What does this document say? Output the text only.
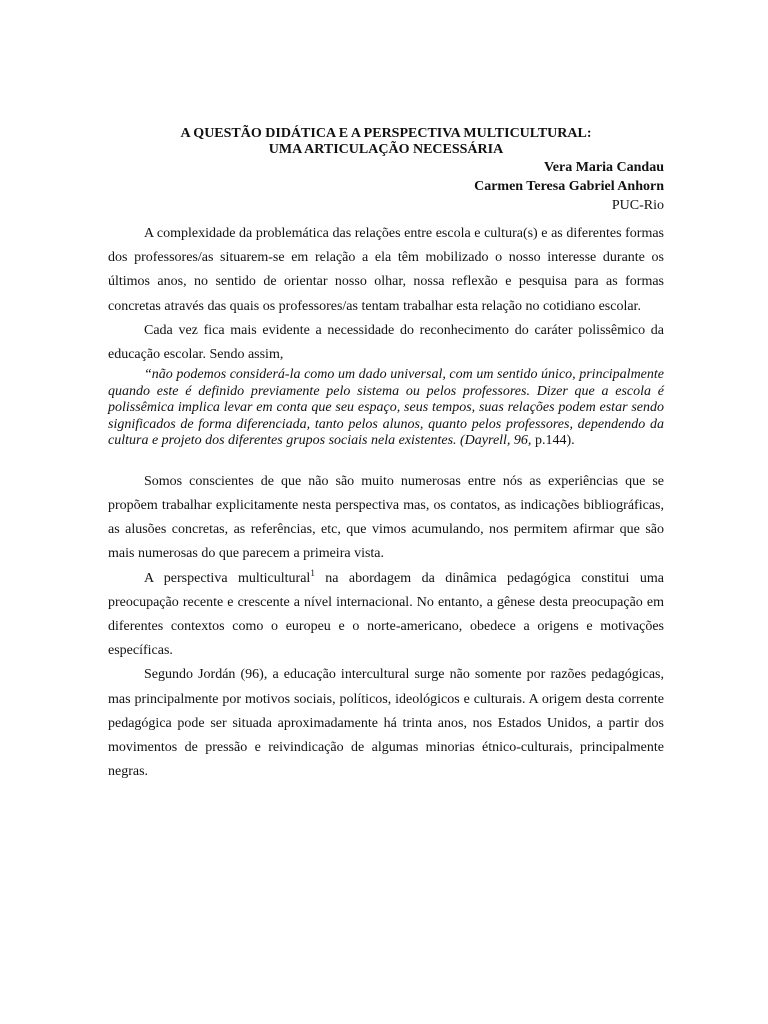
A QUESTÃO DIDÁTICA E A PERSPECTIVA MULTICULTURAL:
UMA ARTICULAÇÃO NECESSÁRIA
Vera Maria Candau
Carmen Teresa Gabriel Anhorn
PUC-Rio

A complexidade da problemática das relações entre escola e cultura(s) e as diferentes formas dos professores/as situarem-se em relação a ela têm mobilizado o nosso interesse durante os últimos anos, no sentido de orientar nosso olhar, nossa reflexão e pesquisa para as formas concretas através das quais os professores/as tentam trabalhar esta relação no cotidiano escolar.

Cada vez fica mais evidente a necessidade do reconhecimento do caráter polissêmico da educação escolar. Sendo assim,

“não podemos considerá-la como um dado universal, com um sentido único, principalmente quando este é definido previamente pelo sistema ou pelos professores. Dizer que a escola é polissêmica implica levar em conta que seu espaço, seus tempos, suas relações podem estar sendo significados de forma diferenciada, tanto pelos alunos, quanto pelos professores, dependendo da cultura e projeto dos diferentes grupos sociais nela existentes. (Dayrell, 96, p.144).

Somos conscientes de que não são muito numerosas entre nós as experiências que se propõem trabalhar explicitamente nesta perspectiva mas, os contatos, as indicações bibliográficas, as alusões concretas, as referências, etc, que vimos acumulando, nos permitem afirmar que são mais numerosas do que parecem a primeira vista.

A perspectiva multicultural$^1$ na abordagem da dinâmica pedagógica constitui uma preocupação recente e crescente a nível internacional. No entanto, a gênese desta preocupação em diferentes contextos como o europeu e o norte-americano, obedece a origens e motivações específicas.

Segundo Jordán (96), a educação intercultural surge não somente por razões pedagógicas, mas principalmente por motivos sociais, políticos, ideológicos e culturais. A origem desta corrente pedagógica pode ser situada aproximadamente há trinta anos, nos Estados Unidos, a partir dos movimentos de pressão e reivindicação de algumas minorias étnico-culturais, principalmente negras.
